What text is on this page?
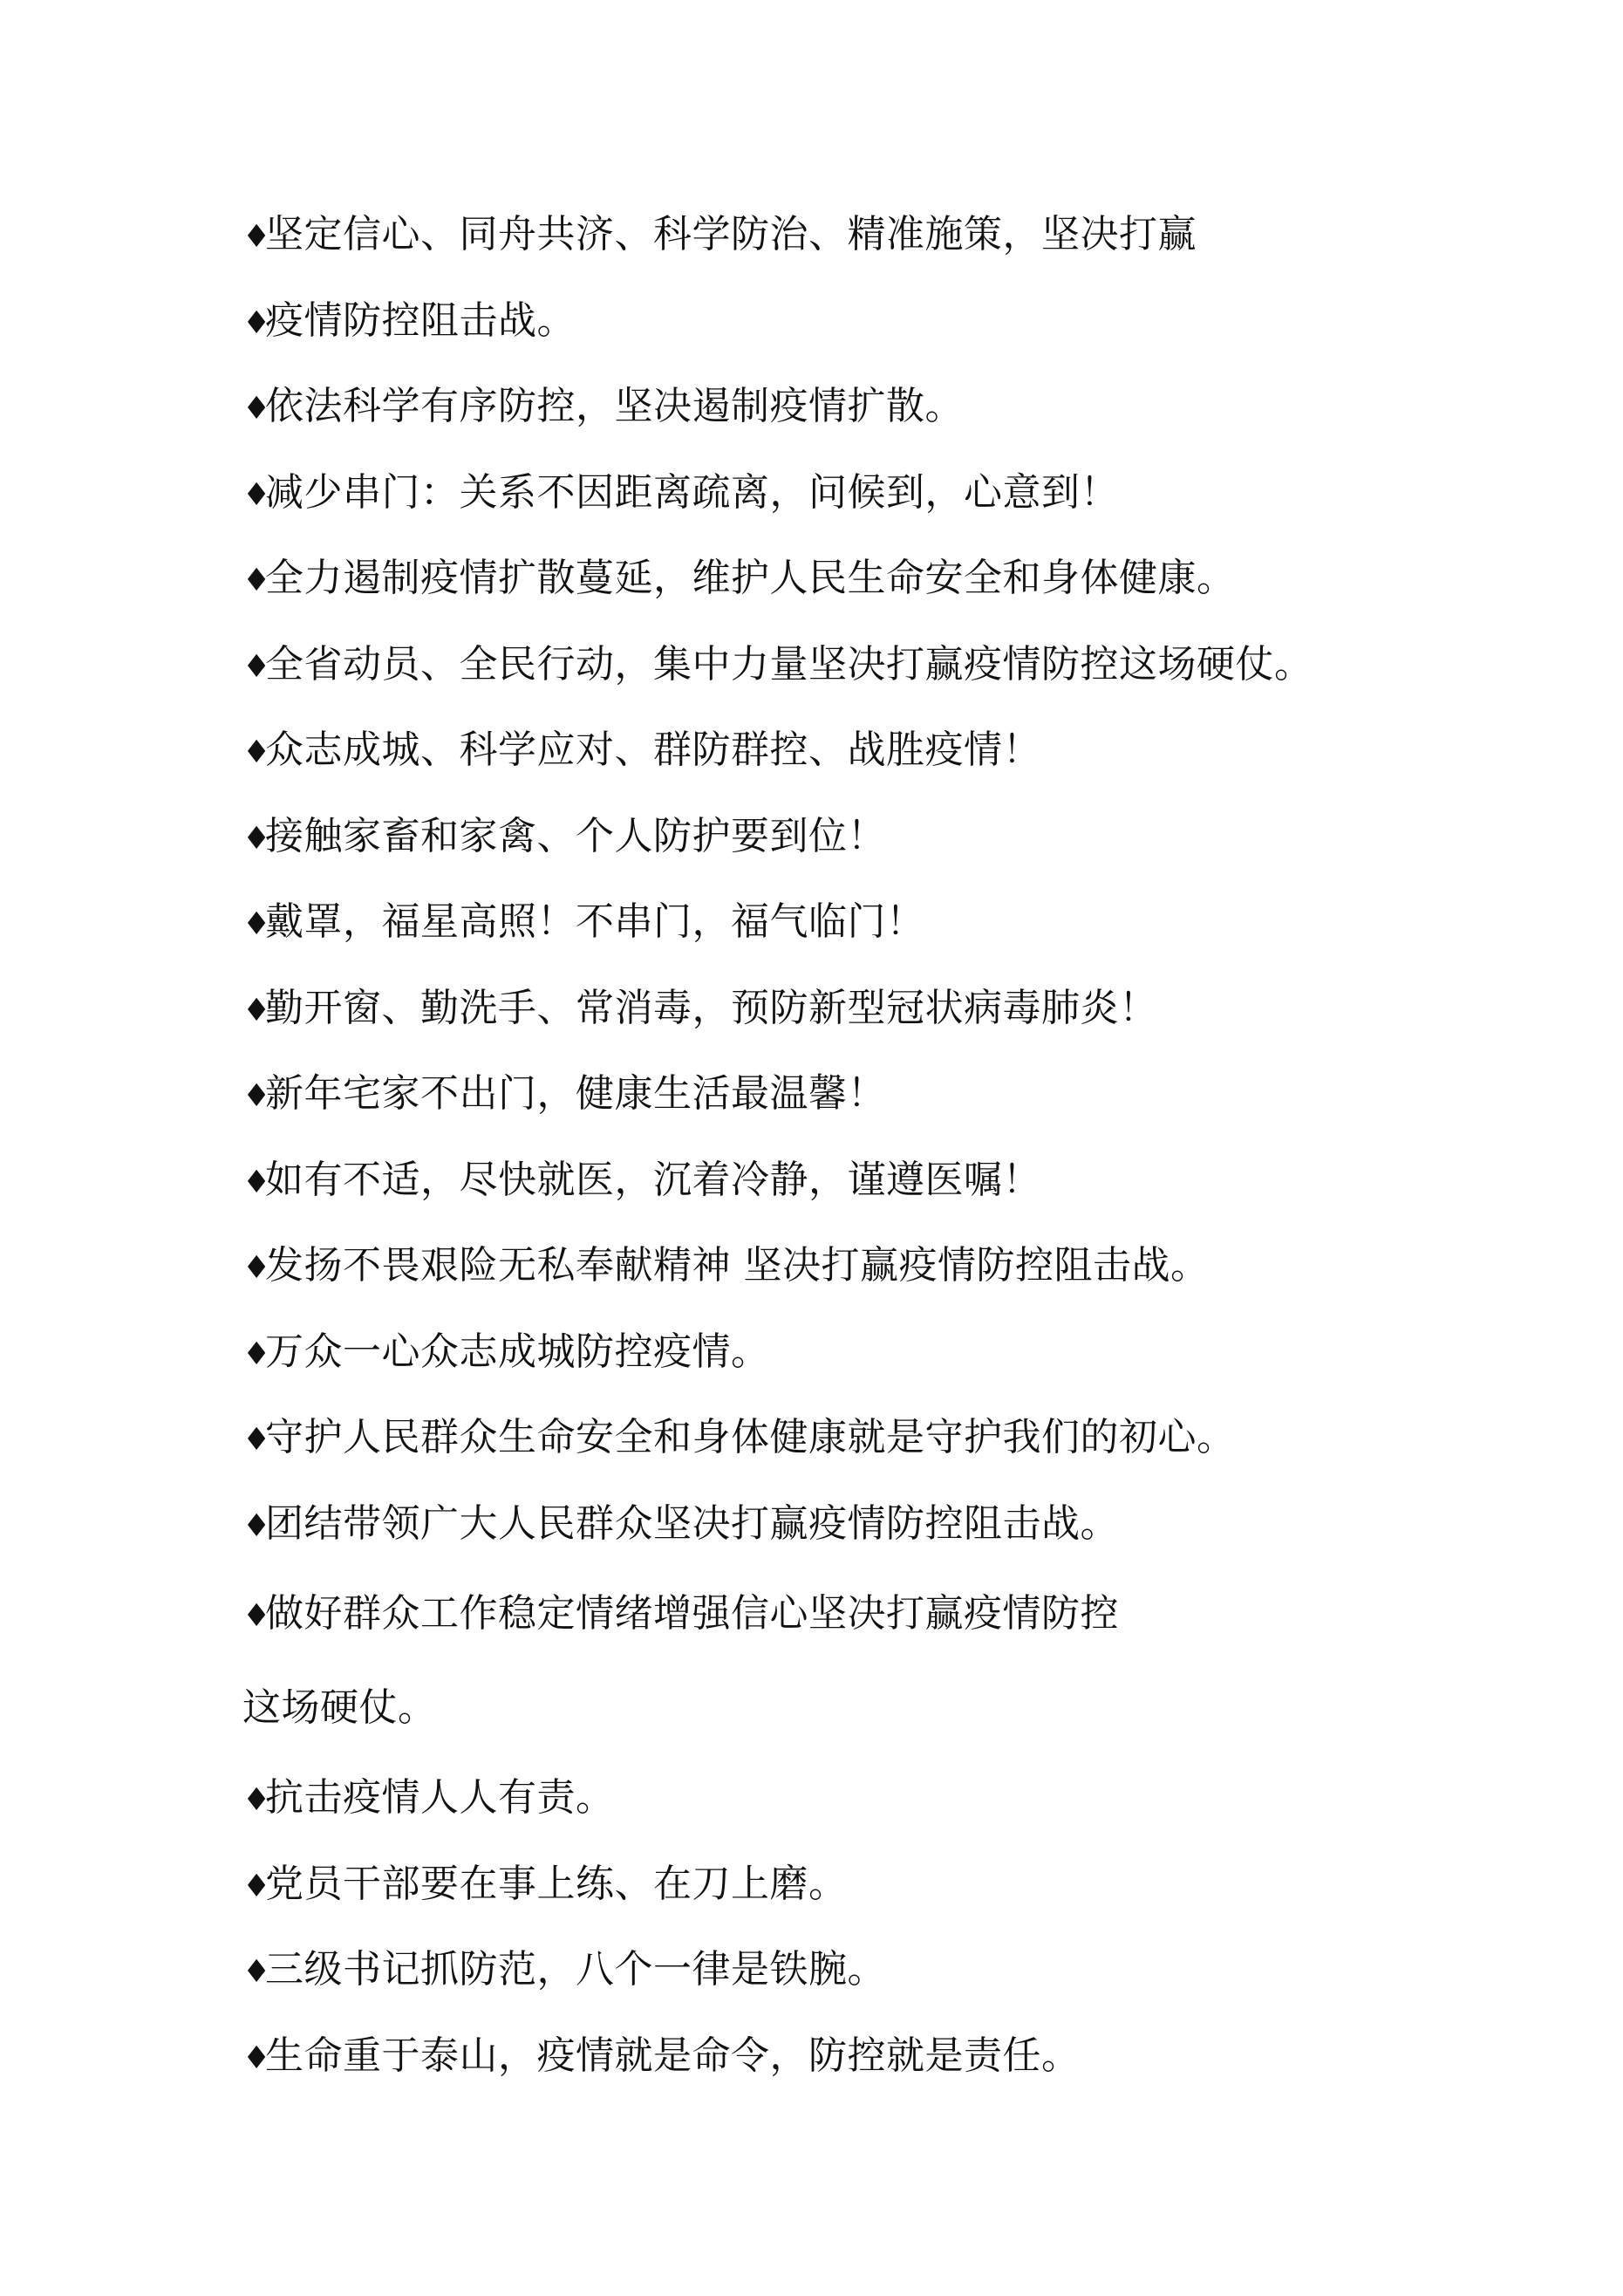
♦坚定信心、同舟共济、科学防治、精准施策，坚决打赢
♦疫情防控阻击战。
♦依法科学有序防控，坚决遏制疫情扩散。
♦减少串门：关系不因距离疏离，问候到，心意到！
♦全力遏制疫情扩散蔓延，维护人民生命安全和身体健康。
♦全省动员、全民行动，集中力量坚决打赢疫情防控这场硬仗。
♦众志成城、科学应对、群防群控、战胜疫情！
♦接触家畜和家禽、个人防护要到位！
♦戴罩，福星高照！不串门，福气临门！
♦勤开窗、勤洗手、常消毒，预防新型冠状病毒肺炎！
♦新年宅家不出门，健康生活最温馨！
♦如有不适，尽快就医，沉着冷静，谨遵医嘱！
♦发扬不畏艰险无私奉献精神 坚决打赢疫情防控阻击战。
♦万众一心众志成城防控疫情。
♦守护人民群众生命安全和身体健康就是守护我们的初心。
♦团结带领广大人民群众坚决打赢疫情防控阻击战。
♦做好群众工作稳定情绪增强信心坚决打赢疫情防控
这场硬仗。
♦抗击疫情人人有责。
♦党员干部要在事上练、在刀上磨。
♦三级书记抓防范，八个一律是铁腕。
♦生命重于泰山，疫情就是命令，防控就是责任。
